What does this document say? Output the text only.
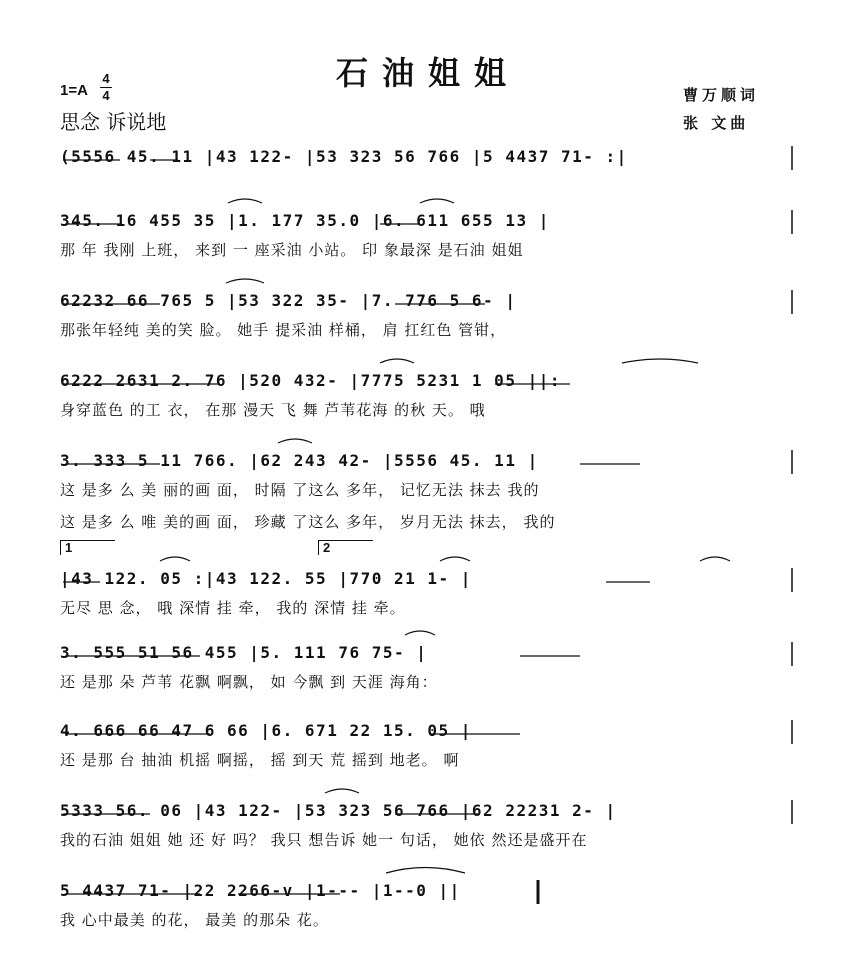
石油姐姐
1=A
4
4
思念 诉说地
曹万顺词
张 文曲
(5556 45. 11 |43 122- |53 323 56 766 |5 4437 71- :|
345. 16 455 35 |1. 177 35.0 |6. 611 655 13 |
那 年 我刚 上班， 来到 一 座采油 小站。 印 象最深 是石油 姐姐
62232 66 765 5 |53 322 35- |7. 776 5 6- |
那张年轻纯 美的笑 脸。 她手 提采油 样桶， 肩 扛红色 管钳，
6222 2631 2. 76 |520 432- |7775 5231 1 05 ||:
身穿蓝色 的工 衣， 在那 漫天 飞 舞 芦苇花海 的秋 天。 哦
3. 333 5 11 766. |62 243 42- |5556 45. 11 |
这 是多 么 美 丽的画 面， 时隔 了这么 多年， 记忆无法 抹去 我的
这 是多 么 唯 美的画 面， 珍藏 了这么 多年， 岁月无法 抹去， 我的
1	2
|43 122. 05 :|43 122. 55 |770 21 1- |
无尽 思 念， 哦 深情 挂 牵， 我的 深情 挂 牵。
3. 555 51 56 455 |5. 111 76 75- |
还 是那 朵 芦苇 花飘 啊飘， 如 今飘 到 天涯 海角：
4. 666 66 47 6 66 |6. 671 22 15. 05 |
还 是那 台 抽油 机摇 啊摇， 摇 到天 荒 摇到 地老。 啊
5333 56. 06 |43 122- |53 323 56 766 |62 22231 2- |
我的石油 姐姐 她 还 好 吗？ 我只 想告诉 她一 句话， 她依 然还是盛开在
5 4437 71- |22 2266-v |1--- |1--0 ||
我 心中最美 的花， 最美 的那朵 花。
